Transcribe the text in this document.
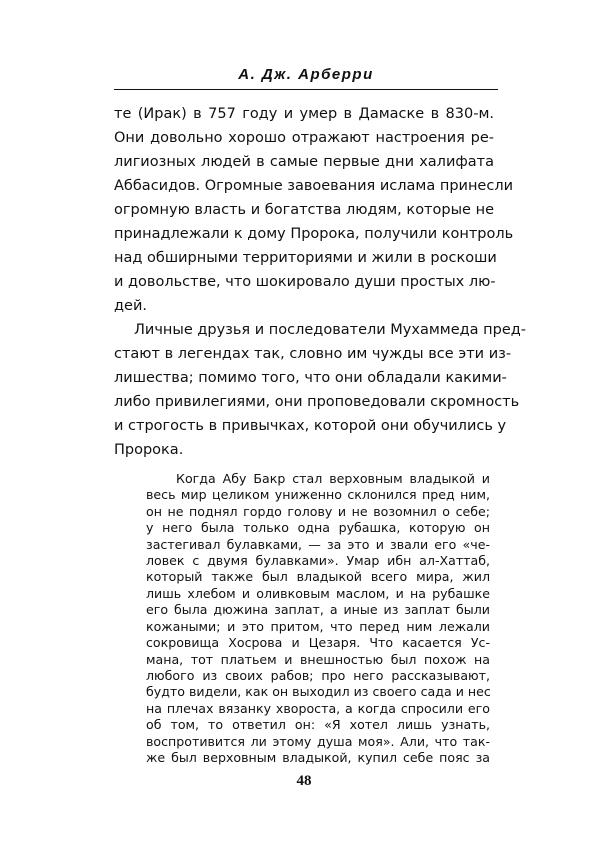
А. Дж. Арберри
те (Ирак) в 757 году и умер в Дамаске в 830-м.
Они довольно хорошо отражают настроения ре-
лигиозных людей в самые первые дни халифата
Аббасидов. Огромные завоевания ислама принесли
огромную власть и богатства людям, которые не
принадлежали к дому Пророка, получили контроль
над обширными территориями и жили в роскоши
и довольстве, что шокировало души простых лю-
дей.
Личные друзья и последователи Мухаммеда пред-
стают в легендах так, словно им чужды все эти из-
лишества; помимо того, что они обладали какими-
либо привилегиями, они проповедовали скромность
и строгость в привычках, которой они обучились у
Пророка.
Когда Абу Бакр стал верховным владыкой и
весь мир целиком униженно склонился пред ним,
он не поднял гордо голову и не возомнил о себе;
у него была только одна рубашка, которую он
застегивал булавками, — за это и звали его «че-
ловек с двумя булавками». Умар ибн ал-Хаттаб,
который также был владыкой всего мира, жил
лишь хлебом и оливковым маслом, и на рубашке
его была дюжина заплат, а иные из заплат были
кожаными; и это притом, что перед ним лежали
сокровища Хосрова и Цезаря. Что касается Ус-
мана, тот платьем и внешностью был похож на
любого из своих рабов; про него рассказывают,
будто видели, как он выходил из своего сада и нес
на плечах вязанку хвороста, а когда спросили его
об том, то ответил он: «Я хотел лишь узнать,
воспротивится ли этому душа моя». Али, что так-
же был верховным владыкой, купил себе пояс за
48
